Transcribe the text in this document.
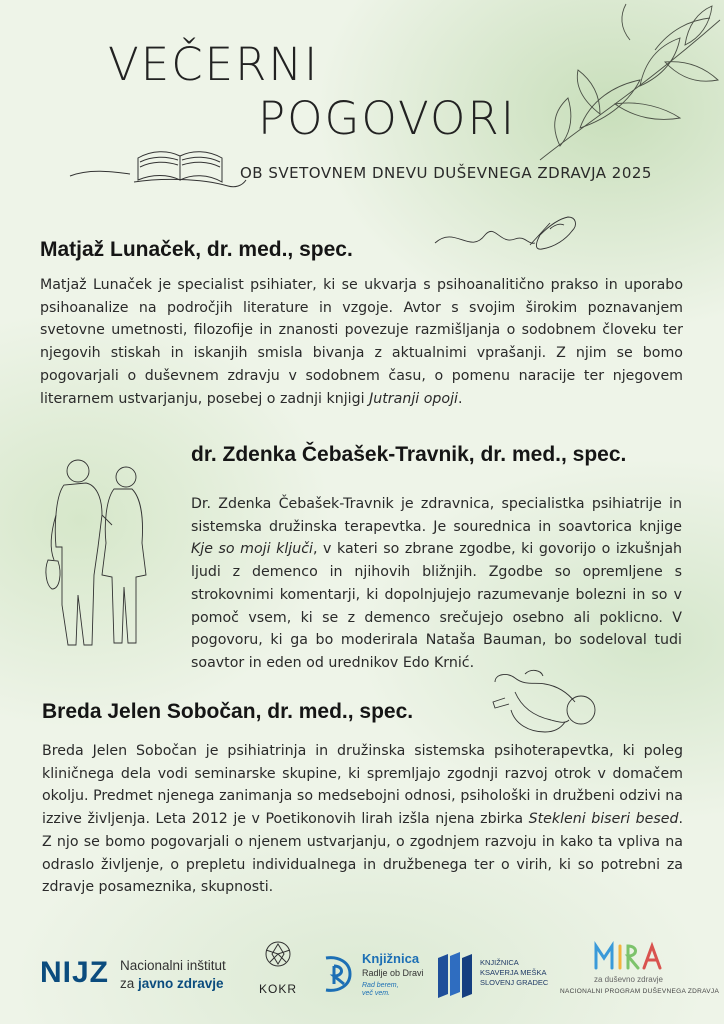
VEČERNI
POGOVORI
OB SVETOVNEM DNEVU DUŠEVNEGA ZDRAVJA 2025
Matjaž Lunaček, dr. med., spec.
Matjaž Lunaček je specialist psihiater, ki se ukvarja s psihoanalitično prakso in uporabo psihoanalize na področjih literature in vzgoje. Avtor s svojim širokim poznavanjem svetovne umetnosti, filozofije in znanosti povezuje razmišljanja o sodobnem človeku ter njegovih stiskah in iskanjih smisla bivanja z aktualnimi vprašanji. Z njim se bomo pogovarjali o duševnem zdravju v sodobnem času, o pomenu naracije ter njegovem literarnem ustvarjanju, posebej o zadnji knjigi Jutranji opoji.
dr. Zdenka Čebašek-Travnik, dr. med., spec.
Dr. Zdenka Čebašek-Travnik je zdravnica, specialistka psihiatrije in sistemska družinska terapevtka. Je sourednica in soavtorica knjige Kje so moji ključi, v kateri so zbrane zgodbe, ki govorijo o izkušnjah ljudi z demenco in njihovih bližnjih. Zgodbe so opremljene s strokovnimi komentarji, ki dopolnjujejo razumevanje bolezni in so v pomoč vsem, ki se z demenco srečujejo osebno ali poklicno. V pogovoru, ki ga bo moderirala Nataša Bauman, bo sodeloval tudi soavtor in eden od urednikov Edo Krnić.
Breda Jelen Sobočan, dr. med., spec.
Breda Jelen Sobočan je psihiatrinja in družinska sistemska psihoterapevtka, ki poleg kliničnega dela vodi seminarske skupine, ki spremljajo zgodnji razvoj otrok v domačem okolju. Predmet njenega zanimanja so medsebojni odnosi, psihološki in družbeni odzivi na izzive življenja. Leta 2012 je v Poetikonovih lirah izšla njena zbirka Stekleni biseri besed. Z njo se bomo pogovarjali o njenem ustvarjanju, o zgodnjem razvoju in kako ta vpliva na odraslo življenje, o prepletu individualnega in družbenega ter o virih, ki so potrebni za zdravje posameznika, skupnosti.
NIJZ Nacionalni inštitut
za javno zdravje	KOKR
Knjižnica
Radlje ob Dravi
Rad berem,
več vem.
KNJIŽNICA
KSAVERJA MEŠKA
SLOVENJ GRADEC	za duševno zdravje
NACIONALNI PROGRAM DUŠEVNEGA ZDRAVJA
